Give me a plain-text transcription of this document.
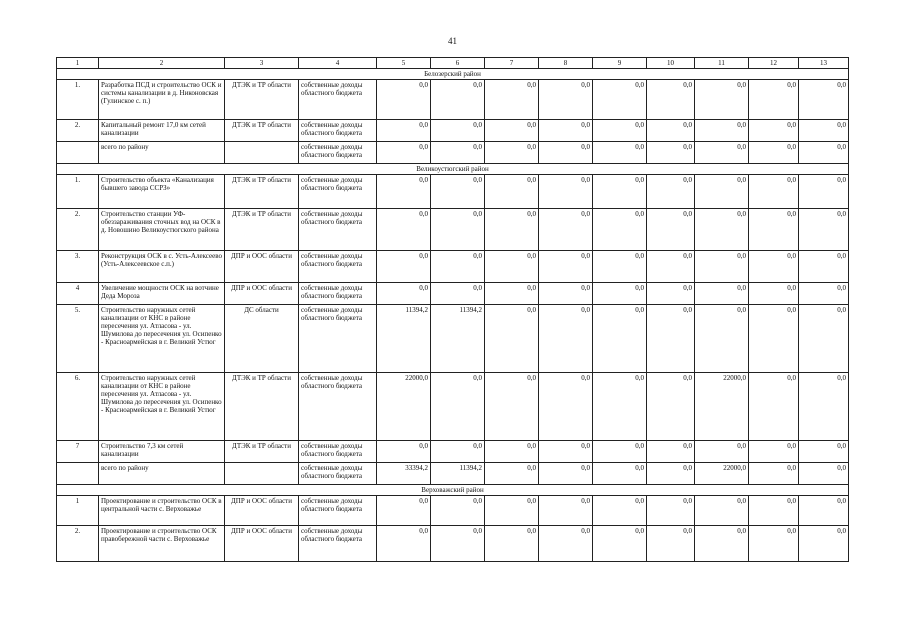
41
1	2	3	4	5	6	7	8	9	10	11	12	13
Белозерский район												
1.	Разработка ПСД и строительство ОСК и системы канализации в д. Никоновская (Гулинское с. п.)	ДТЭК и ТР области	собственные доходы областного бюджета	0,0	0,0	0,0	0,0	0,0	0,0	0,0	0,0	0,0
2.	Капитальный ремонт 17,0 км сетей канализации	ДТЭК и ТР области	собственные доходы областного бюджета	0,0	0,0	0,0	0,0	0,0	0,0	0,0	0,0	0,0
	всего по району		собственные доходы областного бюджета	0,0	0,0	0,0	0,0	0,0	0,0	0,0	0,0	0,0
Великоустюгский район												
1.	Строительство объекта «Канализация бывшего завода ССРЗ»	ДТЭК и ТР области	собственные доходы областного бюджета	0,0	0,0	0,0	0,0	0,0	0,0	0,0	0,0	0,0
2.	Строительство станции УФ-обеззараживания сточных вод на ОСК в д. Новошино Великоустюгского района	ДТЭК и ТР области	собственные доходы областного бюджета	0,0	0,0	0,0	0,0	0,0	0,0	0,0	0,0	0,0
3.	Реконструкция ОСК в с. Усть-Алексеево (Усть-Алексеевское с.п.)	ДПР и ООС области	собственные доходы областного бюджета	0,0	0,0	0,0	0,0	0,0	0,0	0,0	0,0	0,0
4	Увеличение мощности ОСК на вотчине Деда Мороза	ДПР и ООС области	собственные доходы областного бюджета	0,0	0,0	0,0	0,0	0,0	0,0	0,0	0,0	0,0
5.	Строительство наружных сетей канализации от КНС в районе пересечения ул. Атласова - ул. Шумилова до пересечения ул. Осипенко - Красноармейская в г. Великий Устюг	ДС области	собственные доходы областного бюджета	11394,2	11394,2	0,0	0,0	0,0	0,0	0,0	0,0	0,0
6.	Строительство наружных сетей канализации от КНС в районе пересечения ул. Атласова - ул. Шумилова до пересечения ул. Осипенко - Красноармейская в г. Великий Устюг	ДТЭК и ТР области	собственные доходы областного бюджета	22000,0	0,0	0,0	0,0	0,0	0,0	22000,0	0,0	0,0
7	Строительство 7,3 км сетей канализации	ДТЭК и ТР области	собственные доходы областного бюджета	0,0	0,0	0,0	0,0	0,0	0,0	0,0	0,0	0,0
	всего по району		собственные доходы областного бюджета	33394,2	11394,2	0,0	0,0	0,0	0,0	22000,0	0,0	0,0
Верховажский район												
1	Проектирование и строительство ОСК в центральной части с. Верховажье	ДПР и ООС области	собственные доходы областного бюджета	0,0	0,0	0,0	0,0	0,0	0,0	0,0	0,0	0,0
2.	Проектирование и строительство ОСК правобережной части с. Верховажье	ДПР и ООС области	собственные доходы областного бюджета	0,0	0,0	0,0	0,0	0,0	0,0	0,0	0,0	0,0
